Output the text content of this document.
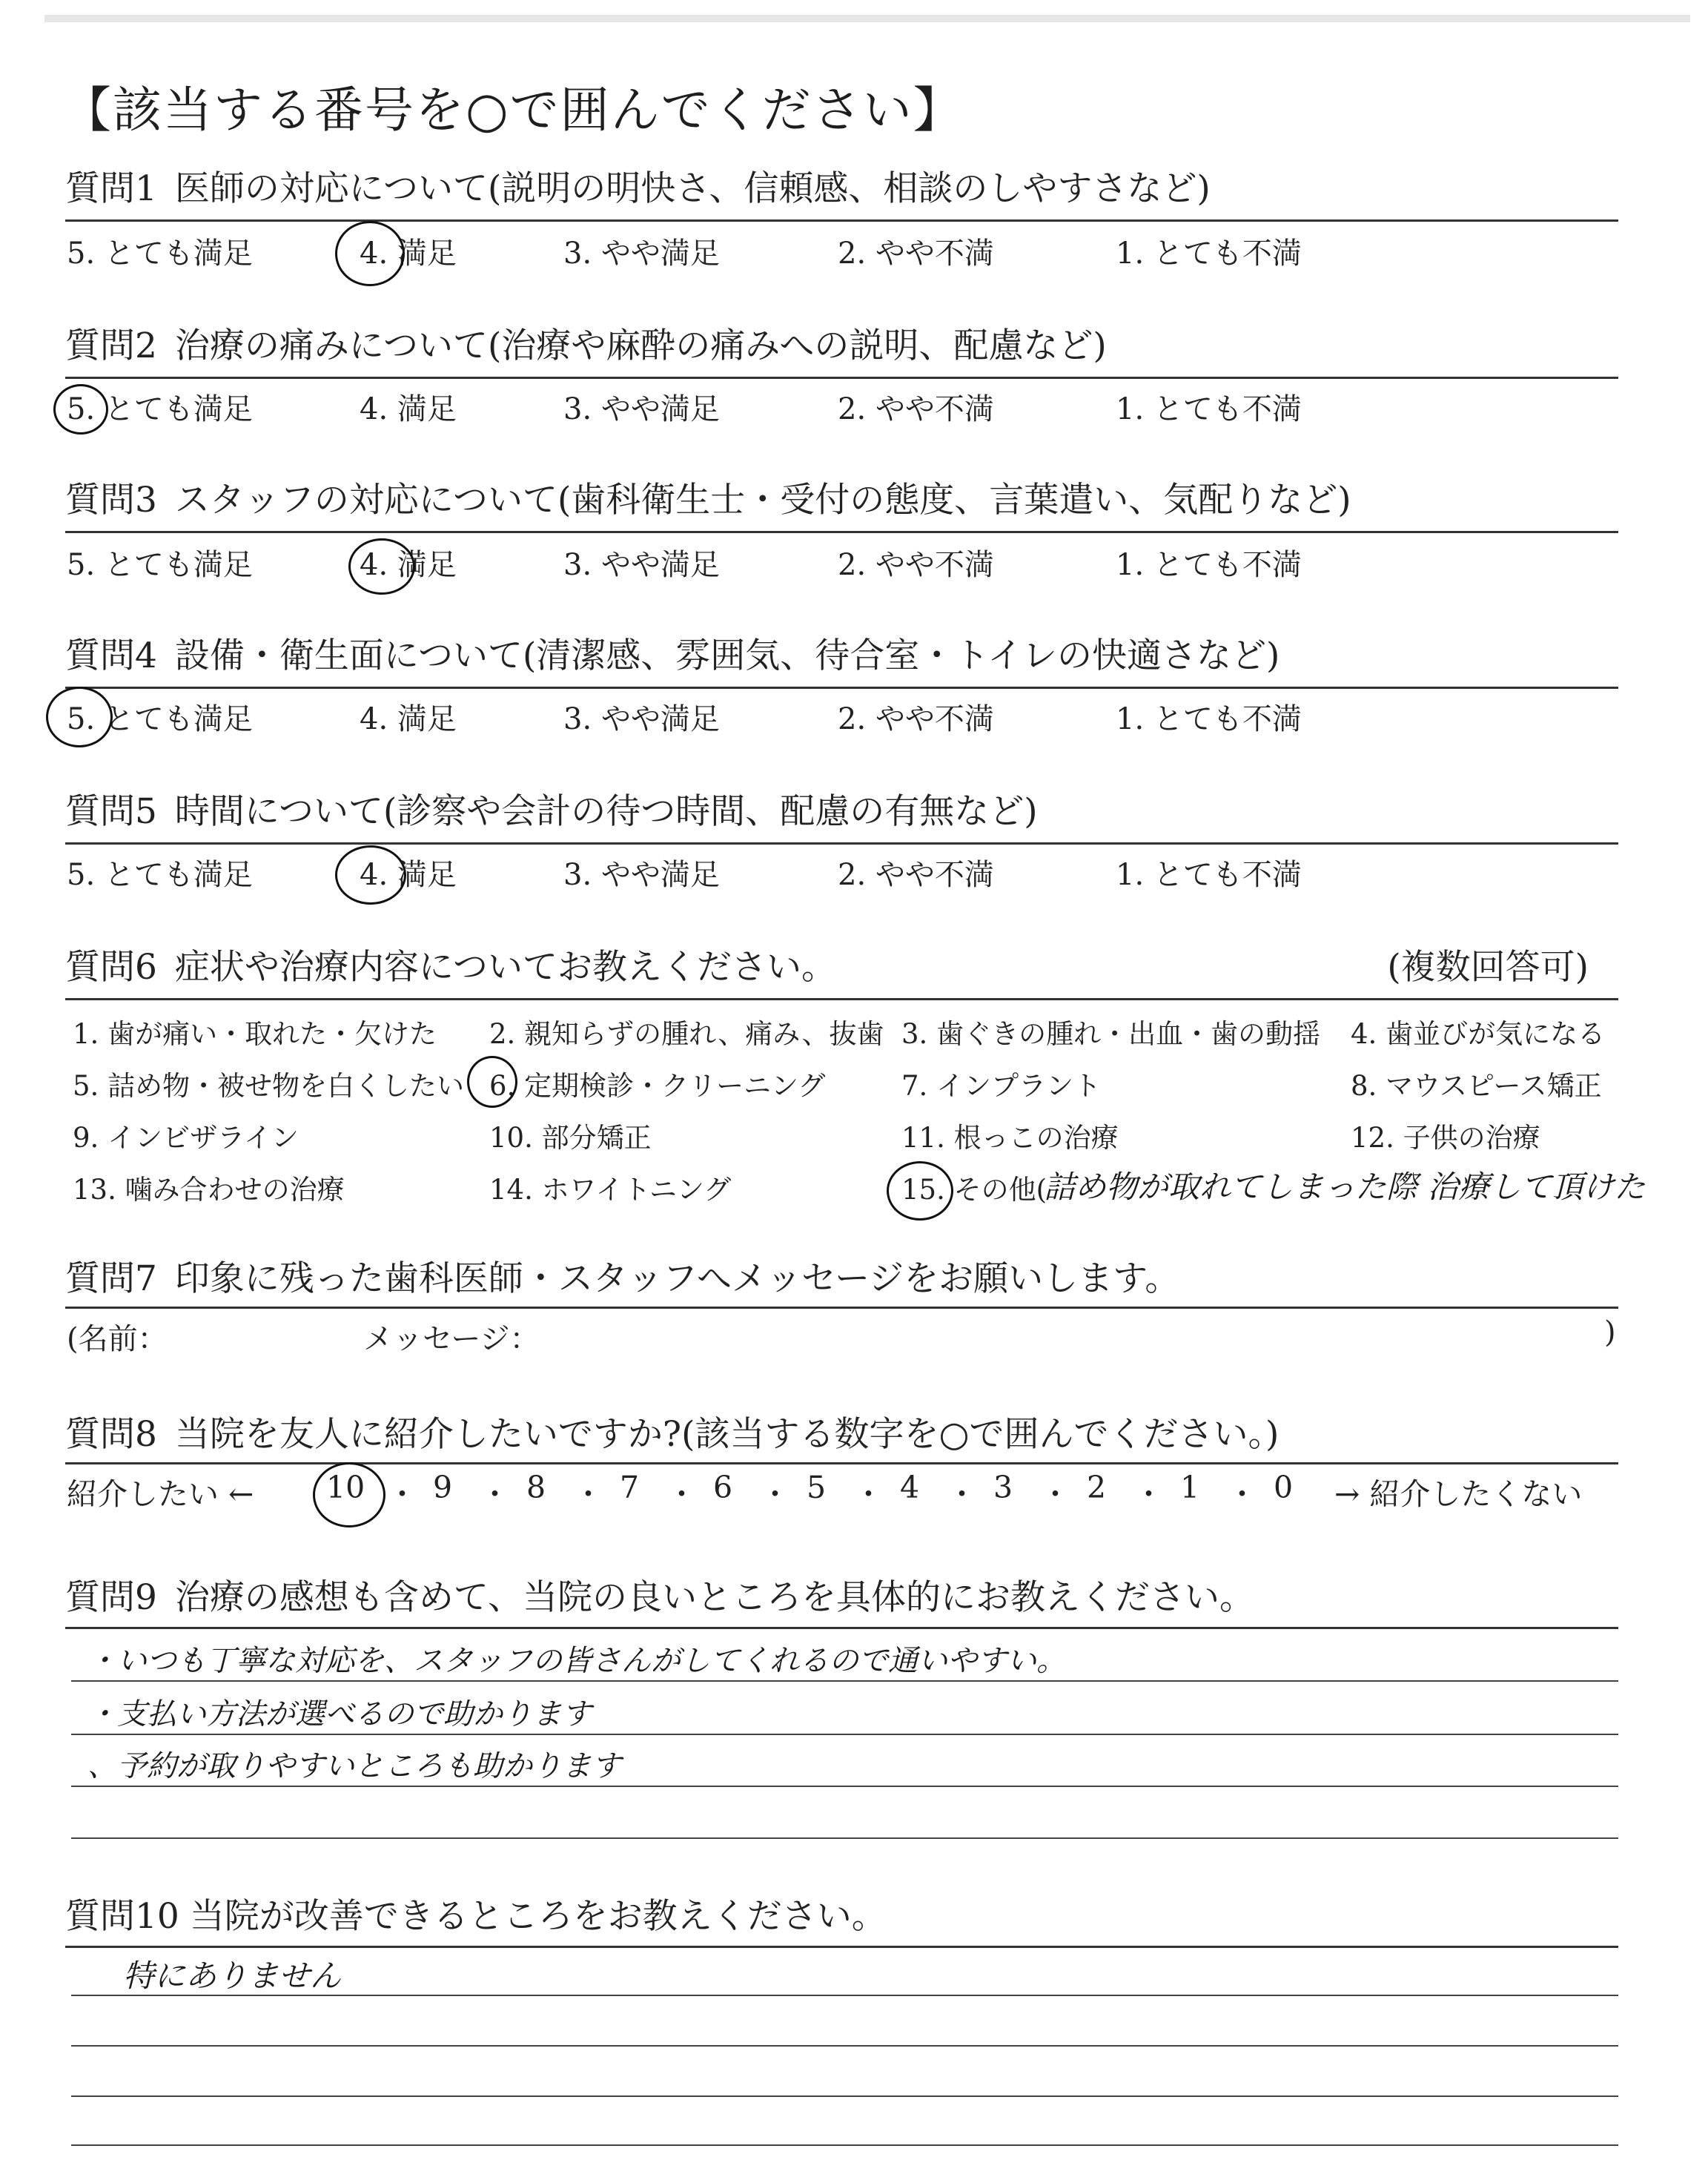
【該当する番号を○で囲んでください】
質問1 医師の対応について(説明の明快さ、信頼感、相談のしやすさなど)
5. とても満足	4. 満足	3. やや満足	2. やや不満	1. とても不満
質問2 治療の痛みについて(治療や麻酔の痛みへの説明、配慮など)
5. とても満足	4. 満足	3. やや満足	2. やや不満	1. とても不満
質問3 スタッフの対応について(歯科衛生士・受付の態度、言葉遣い、気配りなど)
5. とても満足	4. 満足	3. やや満足	2. やや不満	1. とても不満
質問4 設備・衛生面について(清潔感、雰囲気、待合室・トイレの快適さなど)
5. とても満足	4. 満足	3. やや満足	2. やや不満	1. とても不満
質問5 時間について(診察や会計の待つ時間、配慮の有無など)
5. とても満足	4. 満足	3. やや満足	2. やや不満	1. とても不満
質問6 症状や治療内容についてお教えください。	(複数回答可)
1. 歯が痛い・取れた・欠けた 2. 親知らずの腫れ、痛み、抜歯 3. 歯ぐきの腫れ・出血・歯の動揺 4. 歯並びが気になる
5. 詰め物・被せ物を白くしたい 6. 定期検診・クリーニング	7. インプラント	8. マウスピース矯正
9. インビザライン	10. 部分矯正	11. 根っこの治療	12. 子供の治療
13. 噛み合わせの治療	14. ホワイトニング	15. その他(
詰め物が取れてしまった際 治療して頂けた
質問7 印象に残った歯科医師・スタッフへメッセージをお願いします。
(名前：	メッセージ：	)
質問8 当院を友人に紹介したいですか?(該当する数字を○で囲んでください。)
紹介したい ← 10 ・ 9 ・ 8 ・ 7 ・ 6 ・ 5 ・ 4 ・ 3 ・ 2 ・ 1 ・ 0 → 紹介したくない
質問9 治療の感想も含めて、当院の良いところを具体的にお教えください。
・いつも丁寧な対応を、スタッフの皆さんがしてくれるので通いやすい。
・支払い方法が選べるので助かります
、予約が取りやすいところも助かります
質問10 当院が改善できるところをお教えください。
特にありません
